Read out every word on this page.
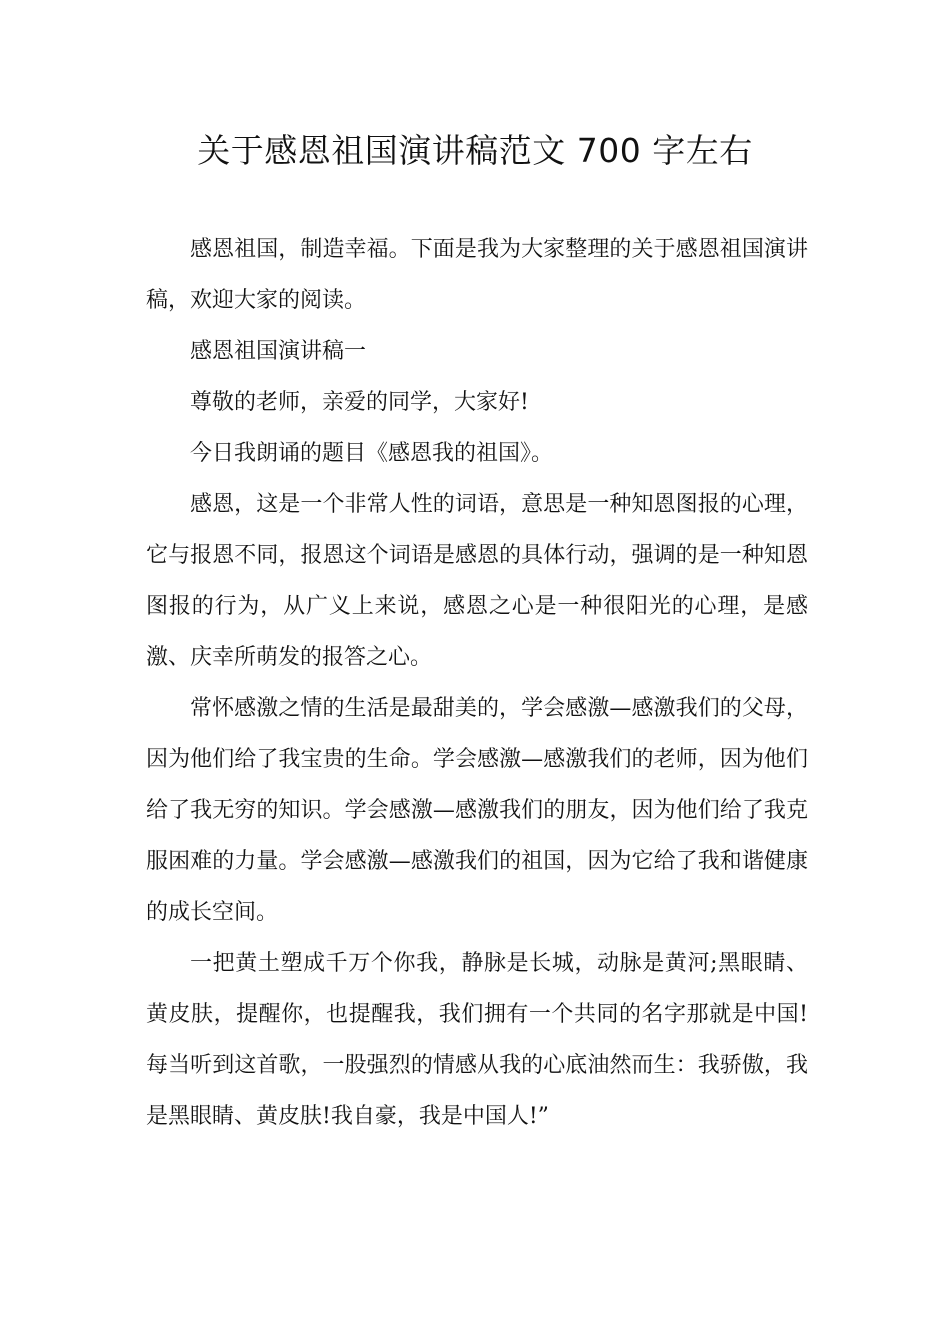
关于感恩祖国演讲稿范文 700 字左右

感恩祖国，制造幸福。下面是我为大家整理的关于感恩祖国演讲稿，欢迎大家的阅读。

感恩祖国演讲稿一

尊敬的老师，亲爱的同学，大家好!

今日我朗诵的题目《感恩我的祖国》。

感恩，这是一个非常人性的词语，意思是一种知恩图报的心理，它与报恩不同，报恩这个词语是感恩的具体行动，强调的是一种知恩图报的行为，从广义上来说，感恩之心是一种很阳光的心理，是感激、庆幸所萌发的报答之心。

常怀感激之情的生活是最甜美的，学会感激—感激我们的父母，因为他们给了我宝贵的生命。学会感激—感激我们的老师，因为他们给了我无穷的知识。学会感激—感激我们的朋友，因为他们给了我克服困难的力量。学会感激—感激我们的祖国，因为它给了我和谐健康的成长空间。

一把黄土塑成千万个你我，静脉是长城，动脉是黄河;黑眼睛、黄皮肤，提醒你，也提醒我，我们拥有一个共同的名字那就是中国!每当听到这首歌，一股强烈的情感从我的心底油然而生：我骄傲，我是黑眼睛、黄皮肤!我自豪，我是中国人!”
